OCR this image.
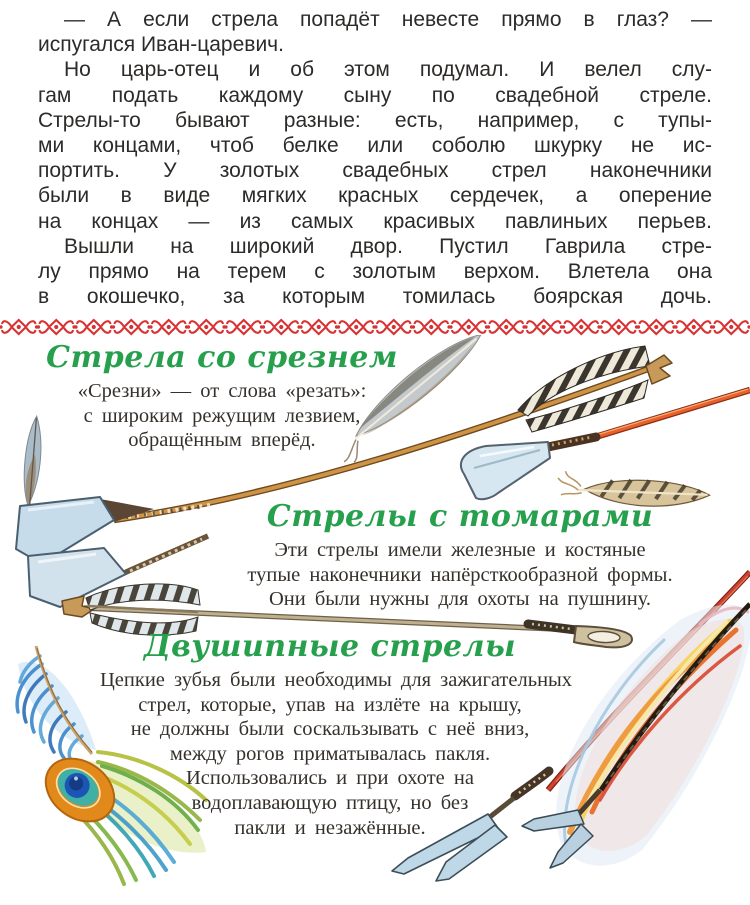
— А если стрела попадёт невесте прямо в глаз? —
испугался Иван-царевич.
Но царь-отец и об этом подумал. И велел слу-
гам подать каждому сыну по свадебной стреле.
Стрелы-то бывают разные: есть, например, с тупы-
ми концами, чтоб белке или соболю шкурку не ис-
портить. У золотых свадебных стрел наконечники
были в виде мягких красных сердечек, а оперение
на концах — из самых красивых павлиньих перьев.
Вышли на широкий двор. Пустил Гаврила стре-
лу прямо на терем с золотым верхом. Влетела она
в окошечко, за которым томилась боярская дочь.
Стрела со срезнем
«Срезни» — от слова «резать»:
с широким режущим лезвием,
обращённым вперёд.
Стрелы с томарами
Эти стрелы имели железные и костяные
тупые наконечники напёрсткообразной формы.
Они были нужны для охоты на пушнину.
Двушипные стрелы
Цепкие зубья были необходимы для зажигательных
стрел, которые, упав на излёте на крышу,
не должны были соскальзывать с неё вниз,
между рогов приматывалась пакля.
Использовались и при охоте на
водоплавающую птицу, но без
пакли и незажённые.
